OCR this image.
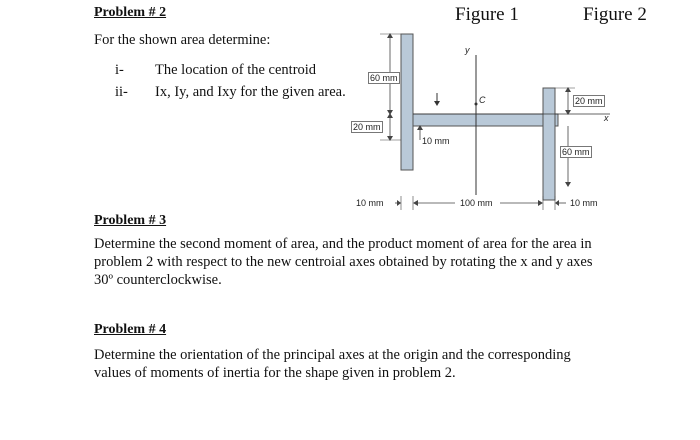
Problem # 2
For the shown area determine:
i- The location of the centroid
ii- Ix, Iy, and Ixy for the given area.
Figure 1	Figure 2
60 mm
20 mm
20 mm
10 mm
60 mm
10 mm	100 mm	10 mm
y
x
C
Problem # 3
Determine the second moment of area, and the product moment of area for the area in problem 2 with respect to the new centroial axes obtained by rotating the x and y axes 30º counterclockwise.
Problem # 4
Determine the orientation of the principal axes at the origin and the corresponding values of moments of inertia for the shape given in problem 2.
